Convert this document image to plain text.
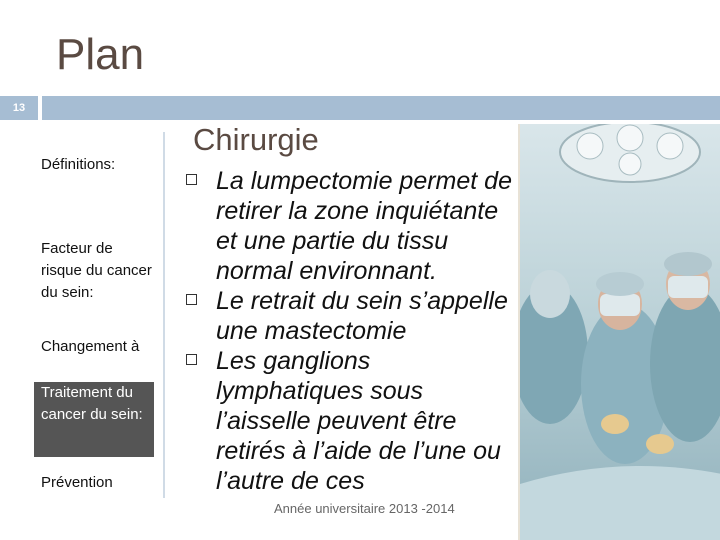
Plan
13
Définitions:
Facteur de risque du cancer du sein:
Changement à
Traitement du cancer du sein:
Prévention
Chirurgie
La lumpectomie permet de retirer la zone inquiétante et une partie du tissu normal environnant.
Le retrait du sein s’appelle une mastectomie
Les ganglions lymphatiques sous l’aisselle peuvent être retirés à l’aide de l’une ou l’autre de ces
Année universitaire 2013 -2014
